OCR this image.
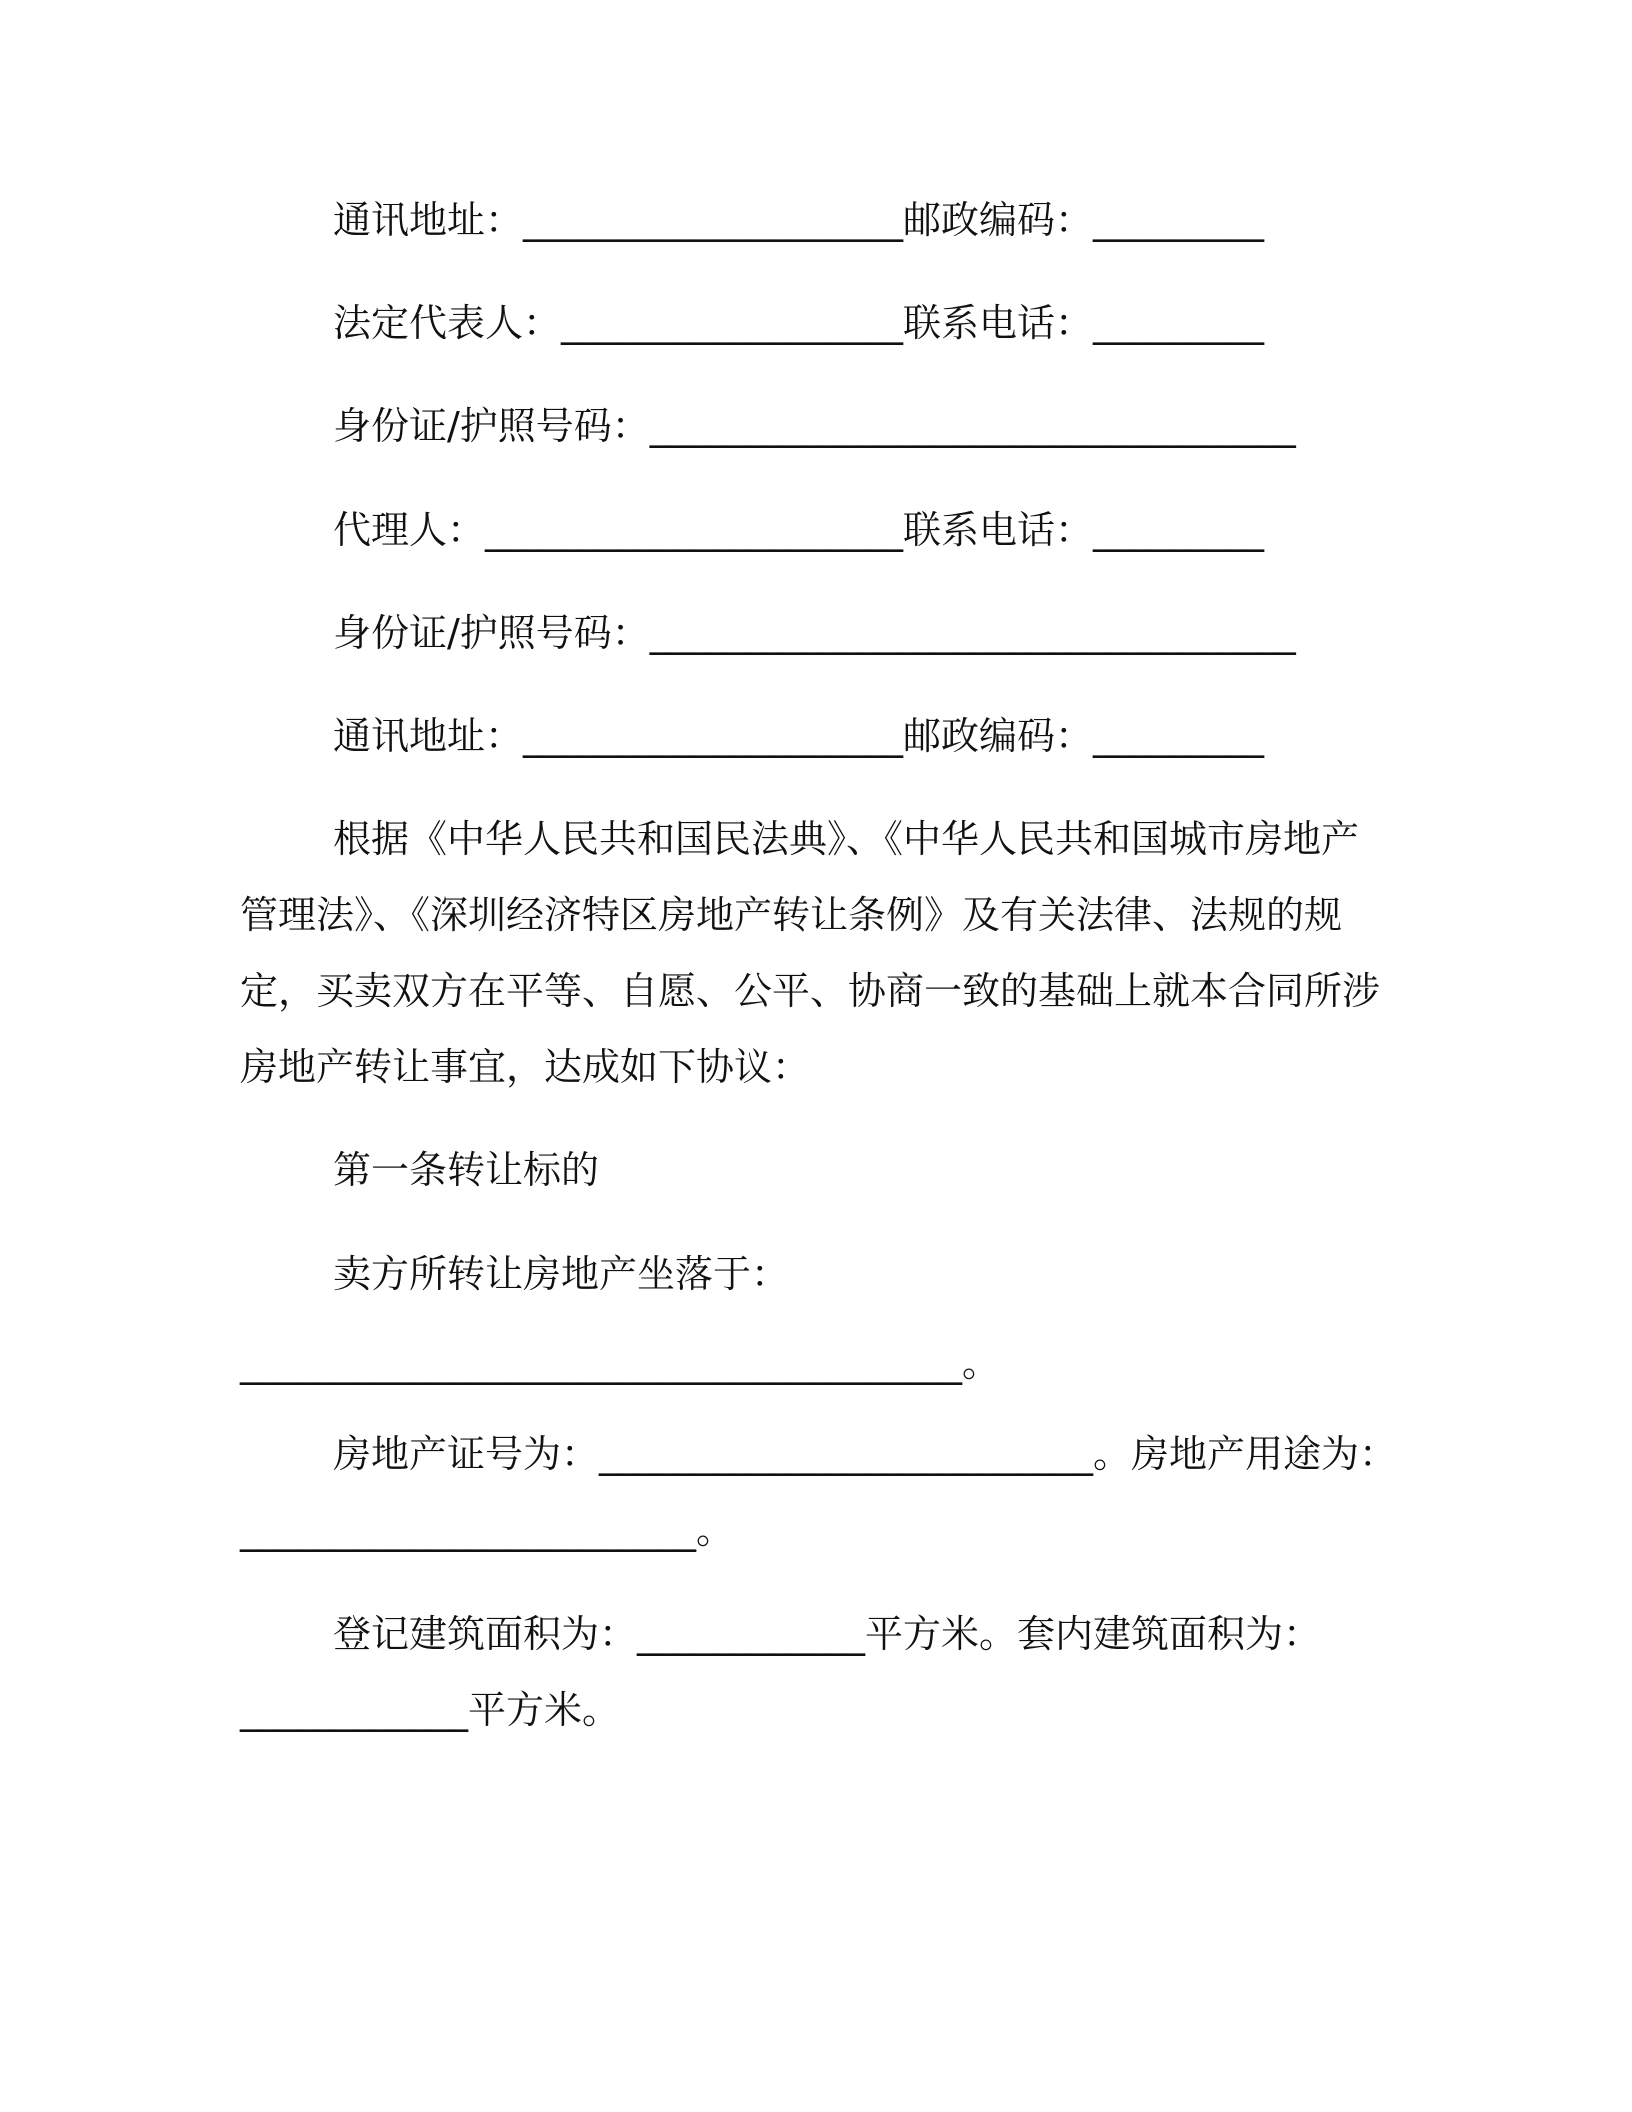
通讯地址：____________________邮政编码：_________
法定代表人：__________________联系电话：_________
身份证/护照号码：__________________________________
代理人：______________________联系电话：_________
身份证/护照号码：__________________________________
通讯地址：____________________邮政编码：_________
根据《中华人民共和国民法典》、《中华人民共和国城市房地产
管理法》、《深圳经济特区房地产转让条例》及有关法律、法规的规
定，买卖双方在平等、自愿、公平、协商一致的基础上就本合同所涉
房地产转让事宜，达成如下协议：
第一条转让标的
卖方所转让房地产坐落于：
______________________________________。
房地产证号为：__________________________。房地产用途为：
________________________。
登记建筑面积为：____________平方米。套内建筑面积为：
____________平方米。
